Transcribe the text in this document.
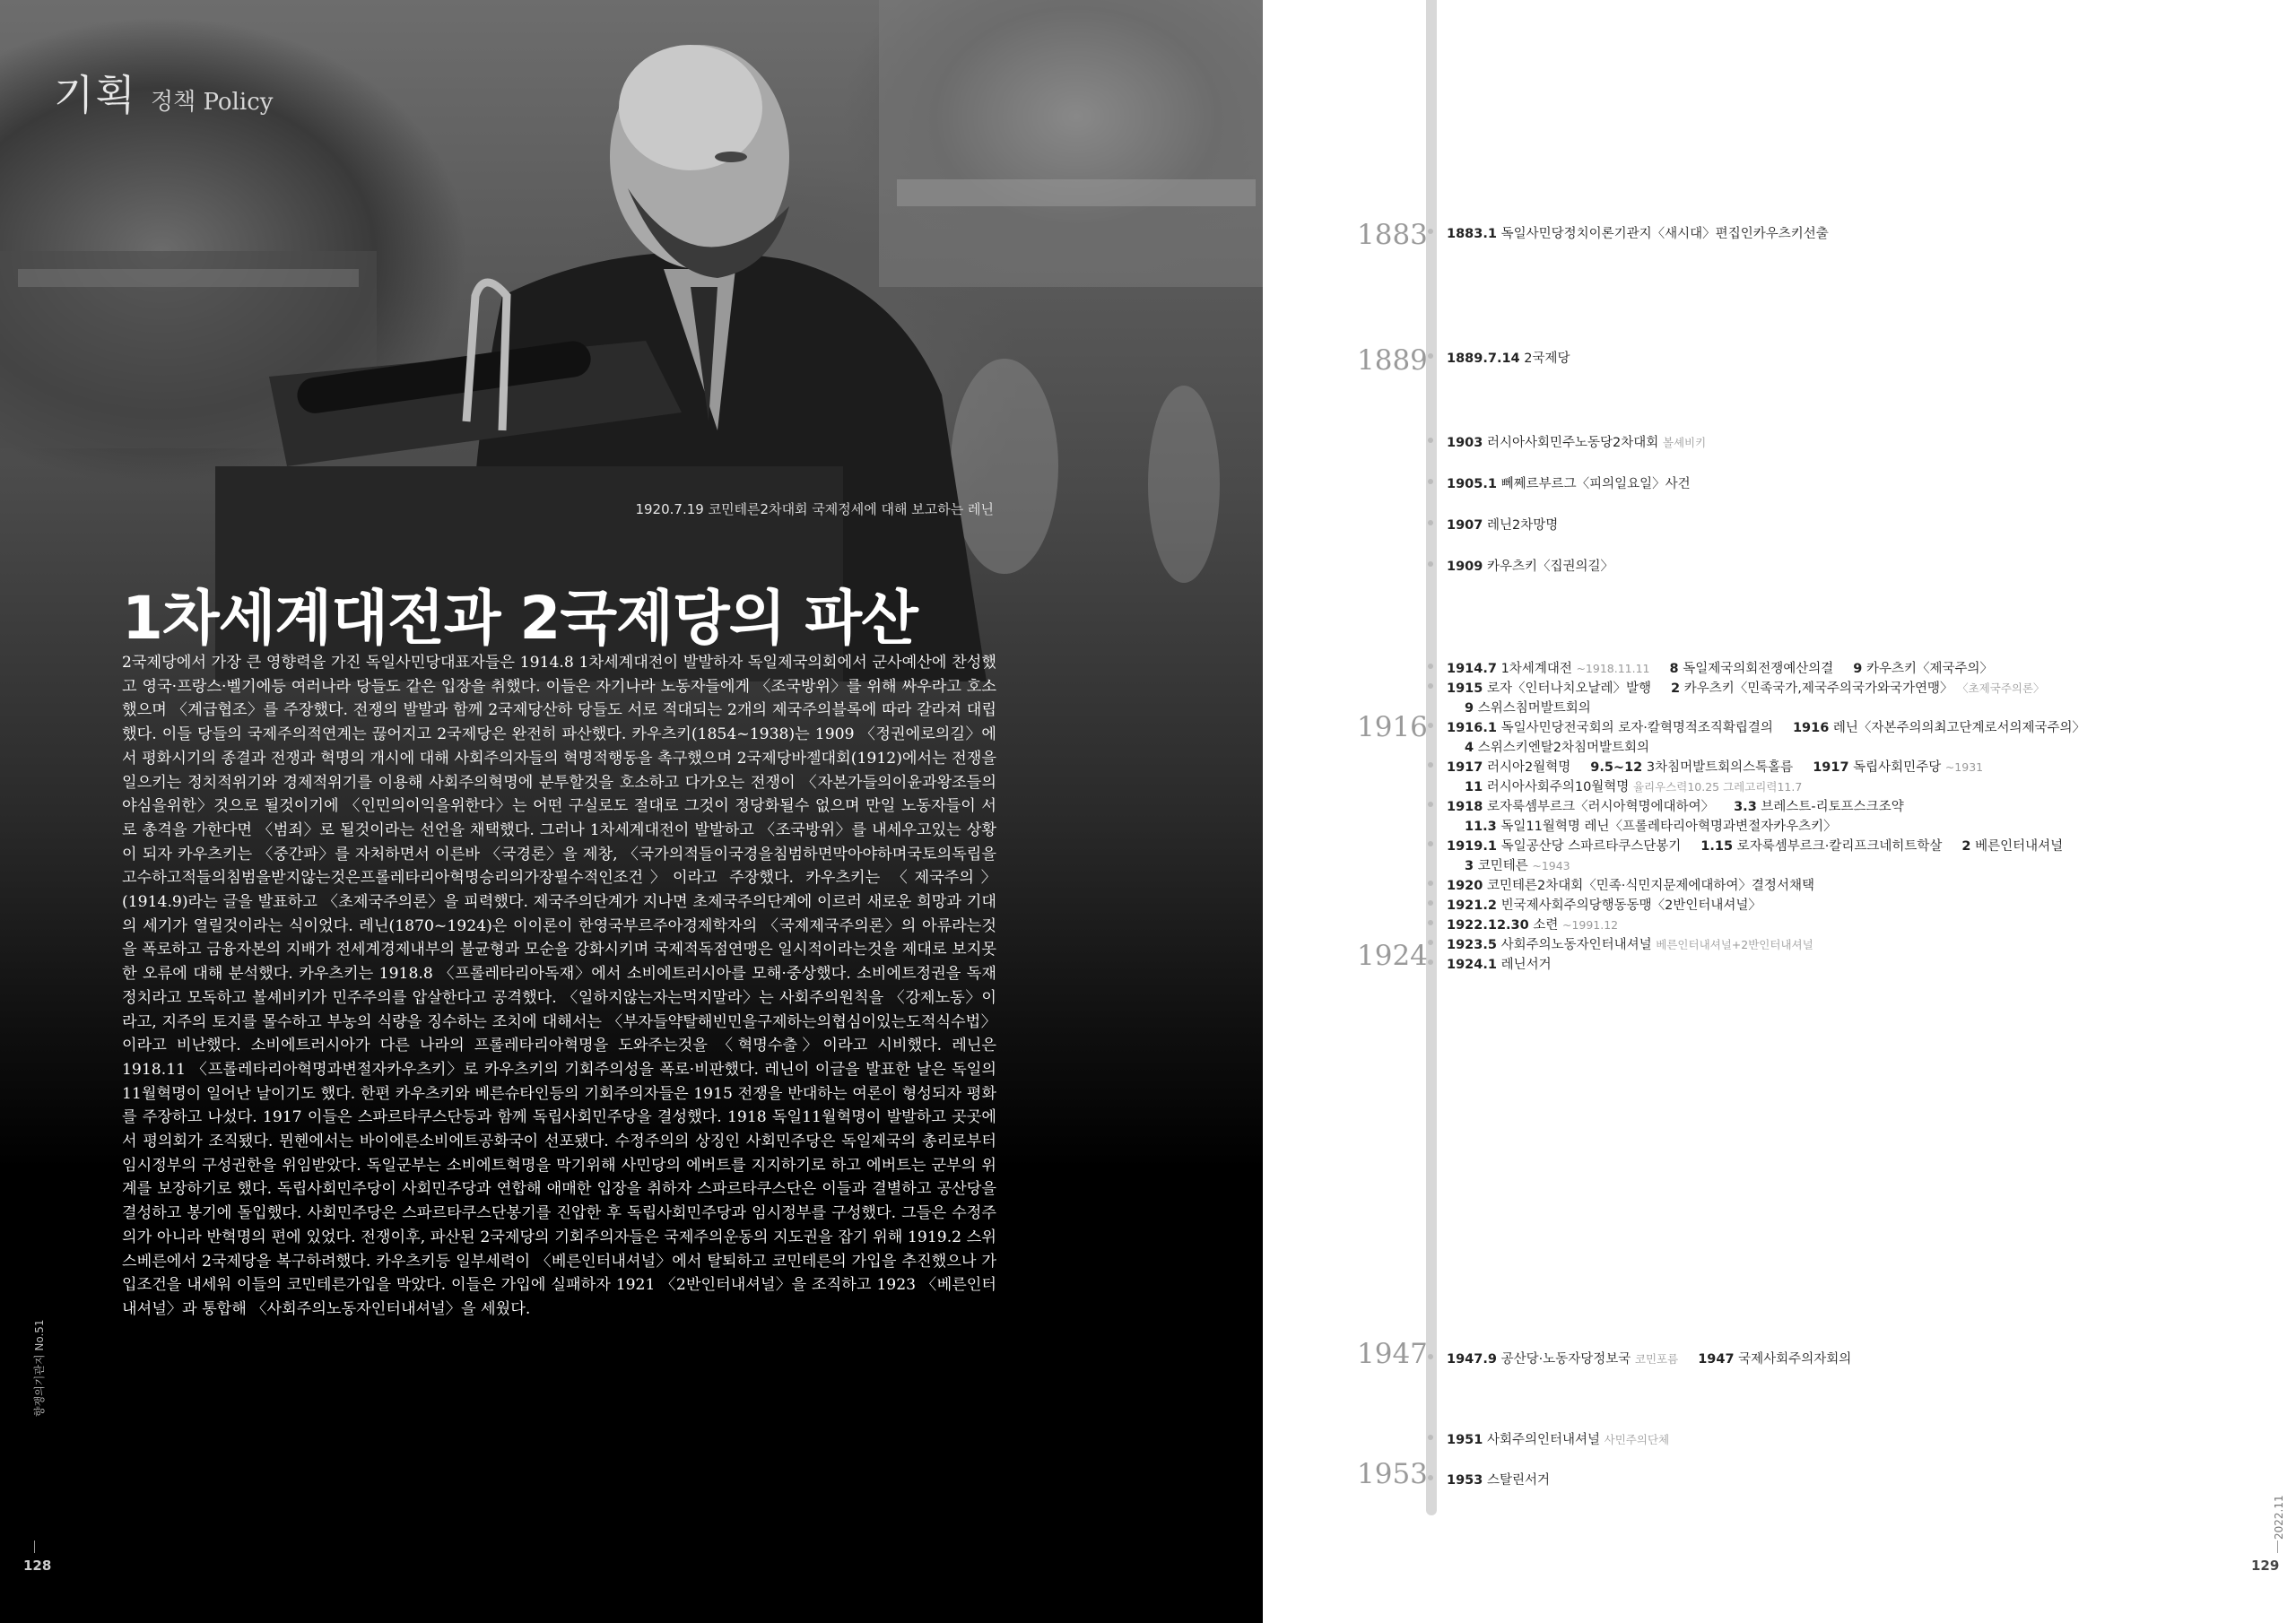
기획 정책 Policy
1920.7.19 코민테른2차대회 국제정세에 대해 보고하는 레닌
1차세계대전과 2국제당의 파산

2국제당에서 가장 큰 영향력을 가진 독일사민당대표자들은 1914.8 1차세계대전이 발발하자 독일제국의회에서 군사예산에 찬성했고 영국·프랑스·벨기에등 여러나라 당들도 같은 입장을 취했다. 이들은 자기나라 노동자들에게 〈조국방위〉를 위해 싸우라고 호소했으며 〈계급협조〉를 주장했다. 전쟁의 발발과 함께 2국제당산하 당들도 서로 적대되는 2개의 제국주의블록에 따라 갈라져 대립했다. 이들 당들의 국제주의적연계는 끊어지고 2국제당은 완전히 파산했다. 카우츠키(1854~1938)는 1909 〈정권에로의길〉에서 평화시기의 종결과 전쟁과 혁명의 개시에 대해 사회주의자들의 혁명적행동을 촉구했으며 2국제당바젤대회(1912)에서는 전쟁을 일으키는 정치적위기와 경제적위기를 이용해 사회주의혁명에 분투할것을 호소하고 다가오는 전쟁이 〈자본가들의이윤과왕조들의야심을위한〉것으로 될것이기에 〈인민의이익을위한다〉는 어떤 구실로도 절대로 그것이 정당화될수 없으며 만일 노동자들이 서로 총격을 가한다면 〈범죄〉로 될것이라는 선언을 채택했다. 그러나 1차세계대전이 발발하고 〈조국방위〉를 내세우고있는 상황이 되자 카우츠키는 〈중간파〉를 자처하면서 이른바 〈국경론〉을 제창, 〈국가의적들이국경을침범하면막아야하며국토의독립을고수하고적들의침범을받지않는것은프롤레타리아혁명승리의가장필수적인조건〉이라고 주장했다. 카우츠키는 〈제국주의〉(1914.9)라는 글을 발표하고 〈초제국주의론〉을 피력했다. 제국주의단계가 지나면 초제국주의단계에 이르러 새로운 희망과 기대의 세기가 열릴것이라는 식이었다. 레닌(1870~1924)은 이이론이 한영국부르주아경제학자의 〈국제제국주의론〉의 아류라는것을 폭로하고 금융자본의 지배가 전세계경제내부의 불균형과 모순을 강화시키며 국제적독점연맹은 일시적이라는것을 제대로 보지못한 오류에 대해 분석했다. 카우츠키는 1918.8 〈프롤레타리아독재〉에서 소비에트러시아를 모해·중상했다. 소비에트정권을 독재정치라고 모독하고 볼셰비키가 민주주의를 압살한다고 공격했다. 〈일하지않는자는먹지말라〉는 사회주의원칙을 〈강제노동〉이라고, 지주의 토지를 몰수하고 부농의 식량을 징수하는 조치에 대해서는 〈부자들약탈해빈민을구제하는의협심이있는도적식수법〉이라고 비난했다. 소비에트러시아가 다른 나라의 프롤레타리아혁명을 도와주는것을 〈혁명수출〉이라고 시비했다. 레닌은 1918.11 〈프롤레타리아혁명과변절자카우츠키〉로 카우츠키의 기회주의성을 폭로·비판했다. 레닌이 이글을 발표한 날은 독일의 11월혁명이 일어난 날이기도 했다. 한편 카우츠키와 베른슈타인등의 기회주의자들은 1915 전쟁을 반대하는 여론이 형성되자 평화를 주장하고 나섰다. 1917 이들은 스파르타쿠스단등과 함께 독립사회민주당을 결성했다. 1918 독일11월혁명이 발발하고 곳곳에서 평의회가 조직됐다. 뮌헨에서는 바이에른소비에트공화국이 선포됐다. 수정주의의 상징인 사회민주당은 독일제국의 총리로부터 임시정부의 구성권한을 위임받았다. 독일군부는 소비에트혁명을 막기위해 사민당의 에버트를 지지하기로 하고 에버트는 군부의 위계를 보장하기로 했다. 독립사회민주당이 사회민주당과 연합해 애매한 입장을 취하자 스파르타쿠스단은 이들과 결별하고 공산당을 결성하고 봉기에 돌입했다. 사회민주당은 스파르타쿠스단봉기를 진압한 후 독립사회민주당과 임시정부를 구성했다. 그들은 수정주의가 아니라 반혁명의 편에 있었다. 전쟁이후, 파산된 2국제당의 기회주의자들은 국제주의운동의 지도권을 잡기 위해 1919.2 스위스베른에서 2국제당을 복구하려했다. 카우츠키등 일부세력이 〈베른인터내셔널〉에서 탈퇴하고 코민테른의 가입을 추진했으나 가입조건을 내세워 이들의 코민테른가입을 막았다. 이들은 가입에 실패하자 1921 〈2반인터내셔널〉을 조직하고 1923 〈베른인터내셔널〉과 통합해 〈사회주의노동자인터내셔널〉을 세웠다.

향쟁의기관지 No.51
128
1883
1889
1916
1924
1947
1953
1883.1 독일사민당정치이론기관지〈새시대〉편집인카우츠키선출
1889.7.14 2국제당
1903 러시아사회민주노동당2차대회 볼셰비키
1905.1 뻬쩨르부르그〈피의일요일〉사건
1907 레닌2차망명
1909 카우츠키〈집권의길〉
1914.7 1차세계대전 ~1918.11.11 8 독일제국의회전쟁예산의결 9 카우츠키〈제국주의〉
1915 로자〈인터나치오날레〉발행 2 카우츠키〈민족국가,제국주의국가와국가연맹〉 〈초제국주의론〉
9 스위스침머발트회의
1916.1 독일사민당전국회의 로자·칼혁명적조직확립결의 1916 레닌〈자본주의의최고단계로서의제국주의〉
4 스위스키엔탈2차침머발트회의
1917 러시아2월혁명 9.5~12 3차침머발트회의스톡홀름 1917 독립사회민주당 ~1931
11 러시아사회주의10월혁명 율리우스력10.25 그레고리력11.7
1918 로자룩셈부르크〈러시아혁명에대하여〉 3.3 브레스트-리토프스크조약
11.3 독일11월혁명 레닌〈프롤레타리아혁명과변절자카우츠키〉
1919.1 독일공산당 스파르타쿠스단봉기 1.15 로자룩셈부르크·칼리프크네히트학살 2 베른인터내셔널
3 코민테른 ~1943
1920 코민테른2차대회〈민족·식민지문제에대하여〉결정서채택
1921.2 빈국제사회주의당행동동맹〈2반인터내셔널〉
1922.12.30 소련 ~1991.12
1923.5 사회주의노동자인터내셔널 베른인터내셔널+2반인터내셔널
1924.1 레닌서거
1947.9 공산당·노동자당정보국 코민포름 1947 국제사회주의자회의
1951 사회주의인터내셔널 사민주의단체
1953 스탈린서거
2022.11
129
